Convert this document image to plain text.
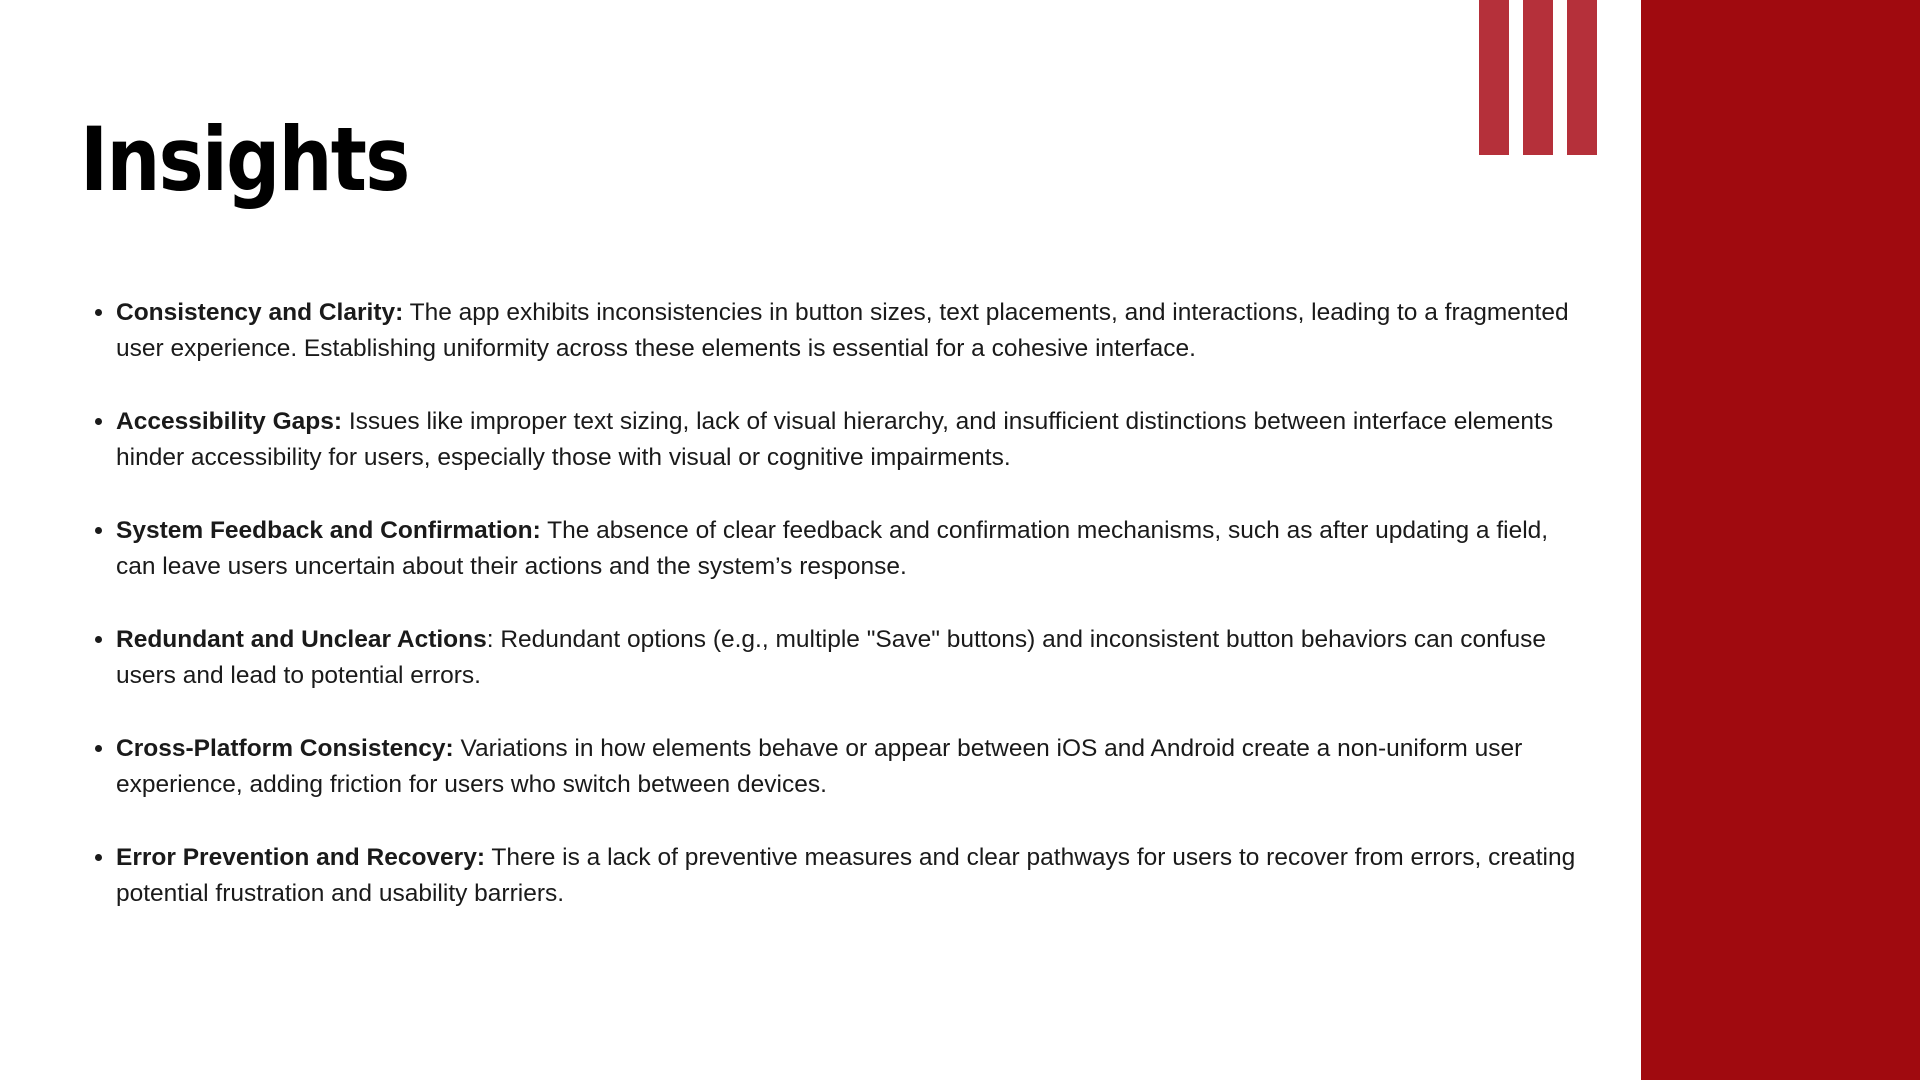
Insights
• Consistency and Clarity: The app exhibits inconsistencies in button sizes, text placements, and interactions, leading to a fragmented user experience. Establishing uniformity across these elements is essential for a cohesive interface.
• Accessibility Gaps: Issues like improper text sizing, lack of visual hierarchy, and insufficient distinctions between interface elements hinder accessibility for users, especially those with visual or cognitive impairments.
• System Feedback and Confirmation: The absence of clear feedback and confirmation mechanisms, such as after updating a field, can leave users uncertain about their actions and the system’s response.
• Redundant and Unclear Actions: Redundant options (e.g., multiple "Save" buttons) and inconsistent button behaviors can confuse users and lead to potential errors.
• Cross-Platform Consistency: Variations in how elements behave or appear between iOS and Android create a non-uniform user experience, adding friction for users who switch between devices.
• Error Prevention and Recovery: There is a lack of preventive measures and clear pathways for users to recover from errors, creating potential frustration and usability barriers.
